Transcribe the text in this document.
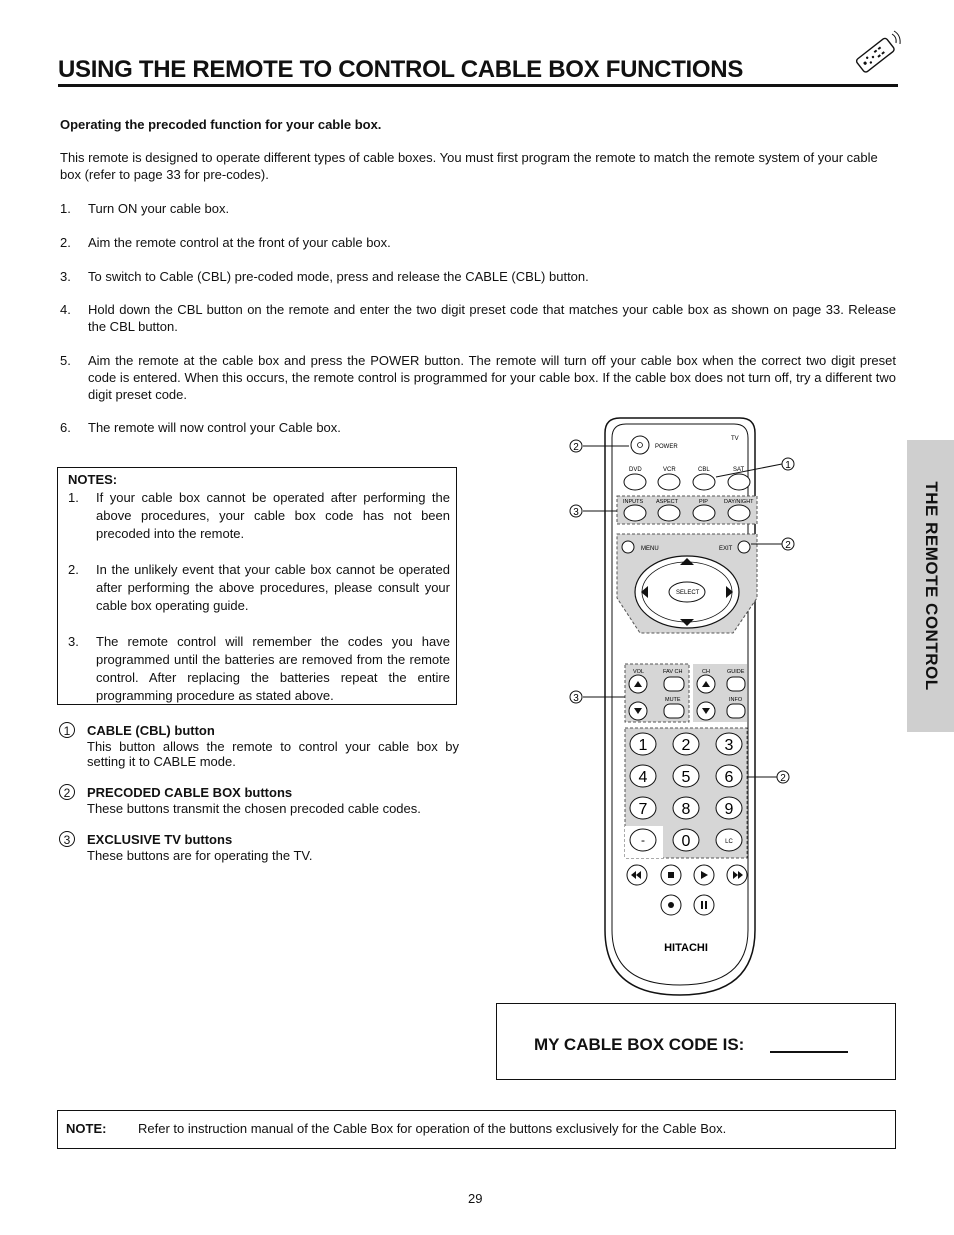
USING THE REMOTE TO CONTROL CABLE BOX FUNCTIONS
THE REMOTE CONTROL
Operating the precoded function for your cable box.
This remote is designed to operate different types of cable boxes. You must first program the remote to match the remote system of your cable box (refer to page 33 for pre-codes).
1. Turn ON your cable box.
2. Aim the remote control at the front of your cable box.
3. To switch to Cable (CBL) pre-coded mode, press and release the CABLE (CBL) button.
4. Hold down the CBL button on the remote and enter the two digit preset code that matches your cable box as shown on page 33. Release the CBL button.
5. Aim the remote at the cable box and press the POWER button. The remote will turn off your cable box when the correct two digit preset code is entered. When this occurs, the remote control is programmed for your cable box. If the cable box does not turn off, try a different two digit preset code.
6. The remote will now control your Cable box.
NOTES:
1. If your cable box cannot be operated after performing the above procedures, your cable box code has not been precoded into the remote.
2. In the unlikely event that your cable box cannot be operated after performing the above procedures, please consult your cable box operating guide.
3. The remote control will remember the codes you have programmed until the batteries are removed from the remote control. After replacing the batteries repeat the entire programming procedure as stated above.
1	CABLE (CBL) button
This button allows the remote to control your cable box by setting it to CABLE mode.
2	PRECODED CABLE BOX buttons
These buttons transmit the chosen precoded cable codes.
3	EXCLUSIVE TV buttons
These buttons are for operating the TV.
POWER
TV
DVD	VCR	CBL	SAT
INPUTS ASPECT	PIP	DAY/NIGHT
MENU	EXIT
SELECT
VOL	FAV CH	CH	GUIDE
MUTE	INFO
1 2 3
4 5 6
7 8 9
- 0	LC
HITACHI
2
1
3
2
3
2
MY CABLE BOX CODE IS:
NOTE: Refer to instruction manual of the Cable Box for operation of the buttons exclusively for the Cable Box.
29
